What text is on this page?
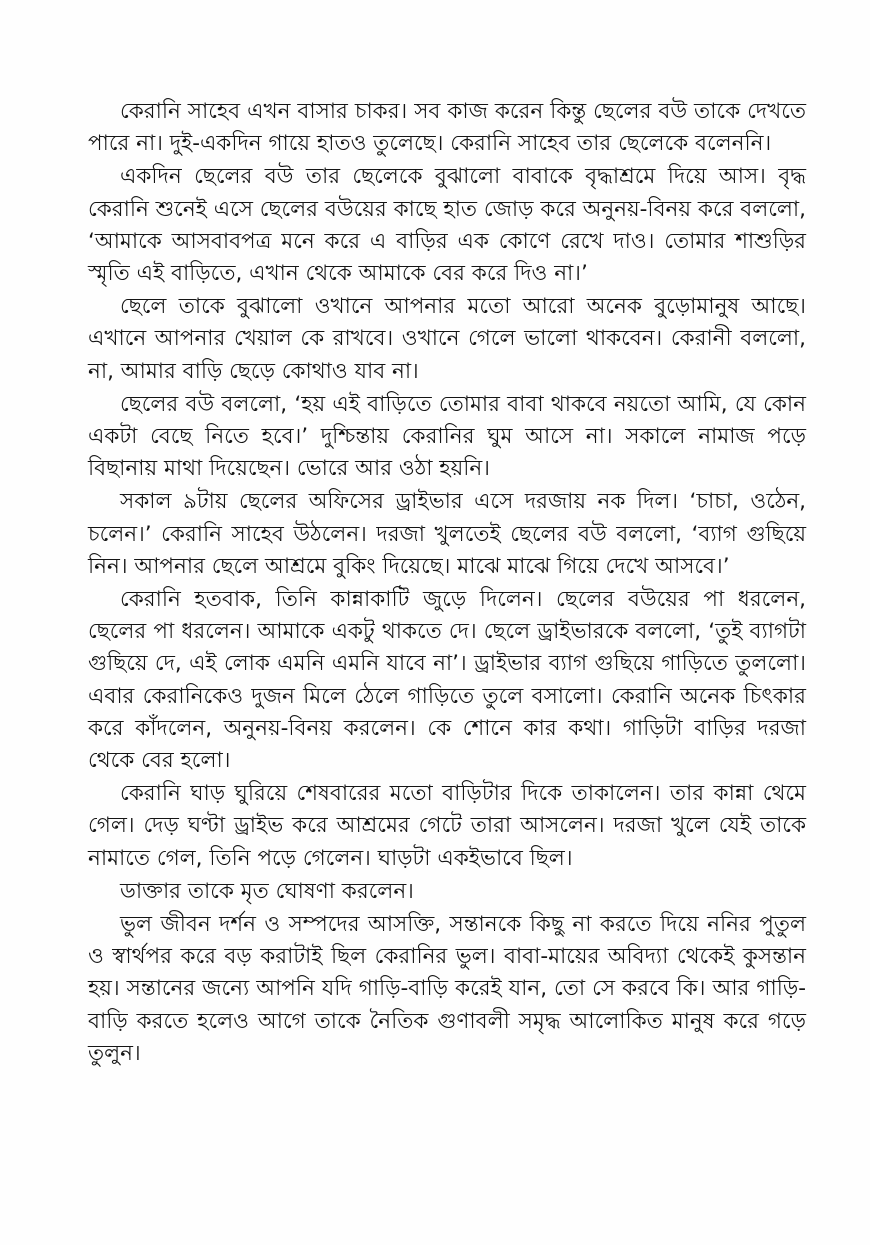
কেরানি সাহেব এখন বাসার চাকর। সব কাজ করেন কিন্তু ছেলের বউ তাকে দেখতে পারে না। দুই-একদিন গায়ে হাতও তুলেছে। কেরানি সাহেব তার ছেলেকে বলেননি।

একদিন ছেলের বউ তার ছেলেকে বুঝালো বাবাকে বৃদ্ধাশ্রমে দিয়ে আস। বৃদ্ধ কেরানি শুনেই এসে ছেলের বউয়ের কাছে হাত জোড় করে অনুনয়-বিনয় করে বললো, ‘আমাকে আসবাবপত্র মনে করে এ বাড়ির এক কোণে রেখে দাও। তোমার শাশুড়ির স্মৃতি এই বাড়িতে, এখান থেকে আমাকে বের করে দিও না।’

ছেলে তাকে বুঝালো ওখানে আপনার মতো আরো অনেক বুড়োমানুষ আছে। এখানে আপনার খেয়াল কে রাখবে। ওখানে গেলে ভালো থাকবেন। কেরানী বললো, না, আমার বাড়ি ছেড়ে কোথাও যাব না।

ছেলের বউ বললো, ‘হয় এই বাড়িতে তোমার বাবা থাকবে নয়তো আমি, যে কোন একটা বেছে নিতে হবে।’ দুশ্চিন্তায় কেরানির ঘুম আসে না। সকালে নামাজ পড়ে বিছানায় মাথা দিয়েছেন। ভোরে আর ওঠা হয়নি।

সকাল ৯টায় ছেলের অফিসের ড্রাইভার এসে দরজায় নক দিল। ‘চাচা, ওঠেন, চলেন।’ কেরানি সাহেব উঠলেন। দরজা খুলতেই ছেলের বউ বললো, ‘ব্যাগ গুছিয়ে নিন। আপনার ছেলে আশ্রমে বুকিং দিয়েছে। মাঝে মাঝে গিয়ে দেখে আসবে।’

কেরানি হতবাক, তিনি কান্নাকাটি জুড়ে দিলেন। ছেলের বউয়ের পা ধরলেন, ছেলের পা ধরলেন। আমাকে একটু থাকতে দে। ছেলে ড্রাইভারকে বললো, ‘তুই ব্যাগটা গুছিয়ে দে, এই লোক এমনি এমনি যাবে না’। ড্রাইভার ব্যাগ গুছিয়ে গাড়িতে তুললো। এবার কেরানিকেও দুজন মিলে ঠেলে গাড়িতে তুলে বসালো। কেরানি অনেক চিৎকার করে কাঁদলেন, অনুনয়-বিনয় করলেন। কে শোনে কার কথা। গাড়িটা বাড়ির দরজা থেকে বের হলো।

কেরানি ঘাড় ঘুরিয়ে শেষবারের মতো বাড়িটার দিকে তাকালেন। তার কান্না থেমে গেল। দেড় ঘণ্টা ড্রাইভ করে আশ্রমের গেটে তারা আসলেন। দরজা খুলে যেই তাকে নামাতে গেল, তিনি পড়ে গেলেন। ঘাড়টা একইভাবে ছিল।

ডাক্তার তাকে মৃত ঘোষণা করলেন।

ভুল জীবন দর্শন ও সম্পদের আসক্তি, সন্তানকে কিছু না করতে দিয়ে ননির পুতুল ও স্বার্থপর করে বড় করাটাই ছিল কেরানির ভুল। বাবা-মায়ের অবিদ্যা থেকেই কুসন্তান হয়। সন্তানের জন্যে আপনি যদি গাড়ি-বাড়ি করেই যান, তো সে করবে কি। আর গাড়ি-বাড়ি করতে হলেও আগে তাকে নৈতিক গুণাবলী সমৃদ্ধ আলোকিত মানুষ করে গড়ে তুলুন।
